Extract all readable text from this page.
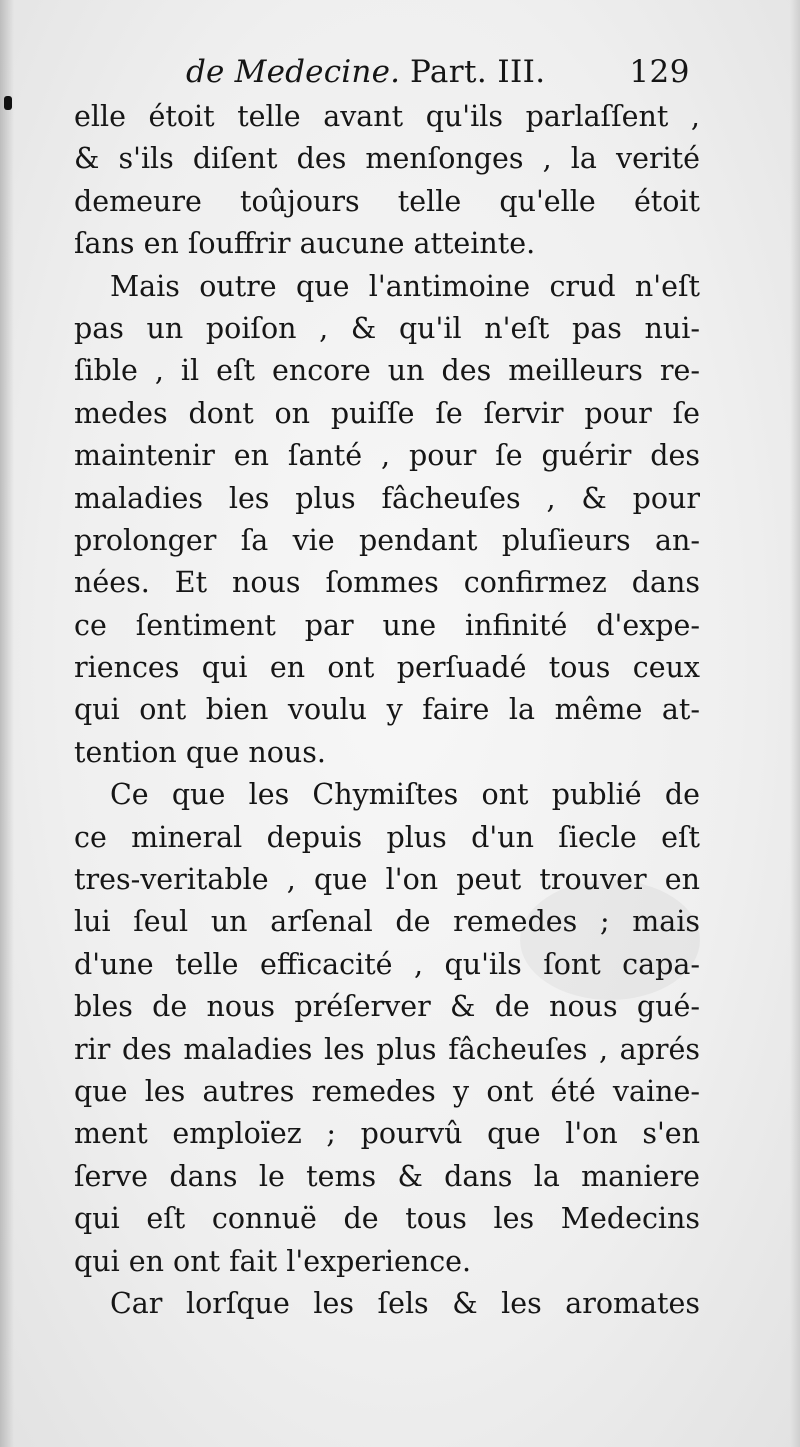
de Medecine. Part. III.	129
elle étoit telle avant qu'ils parlaſſent ,
& s'ils diſent des menſonges , la verité
demeure toûjours telle qu'elle étoit
ſans en ſouffrir aucune atteinte.
Mais outre que l'antimoine crud n'eſt
pas un poiſon , & qu'il n'eſt pas nui-
ſible , il eſt encore un des meilleurs re-
medes dont on puiſſe ſe ſervir pour ſe
maintenir en ſanté , pour ſe guérir des
maladies les plus fâcheuſes , & pour
prolonger ſa vie pendant pluſieurs an-
nées. Et nous ſommes confirmez dans
ce ſentiment par une infinité d'expe-
riences qui en ont perſuadé tous ceux
qui ont bien voulu y faire la même at-
tention que nous.
Ce que les Chymiſtes ont publié de
ce mineral depuis plus d'un ſiecle eſt
tres-veritable , que l'on peut trouver en
lui ſeul un arſenal de remedes ; mais
d'une telle efficacité , qu'ils ſont capa-
bles de nous préſerver & de nous gué-
rir des maladies les plus fâcheuſes , aprés
que les autres remedes y ont été vaine-
ment emploïez ; pourvû que l'on s'en
ſerve dans le tems & dans la maniere
qui eſt connuë de tous les Medecins
qui en ont fait l'experience.
Car lorſque les ſels & les aromates
